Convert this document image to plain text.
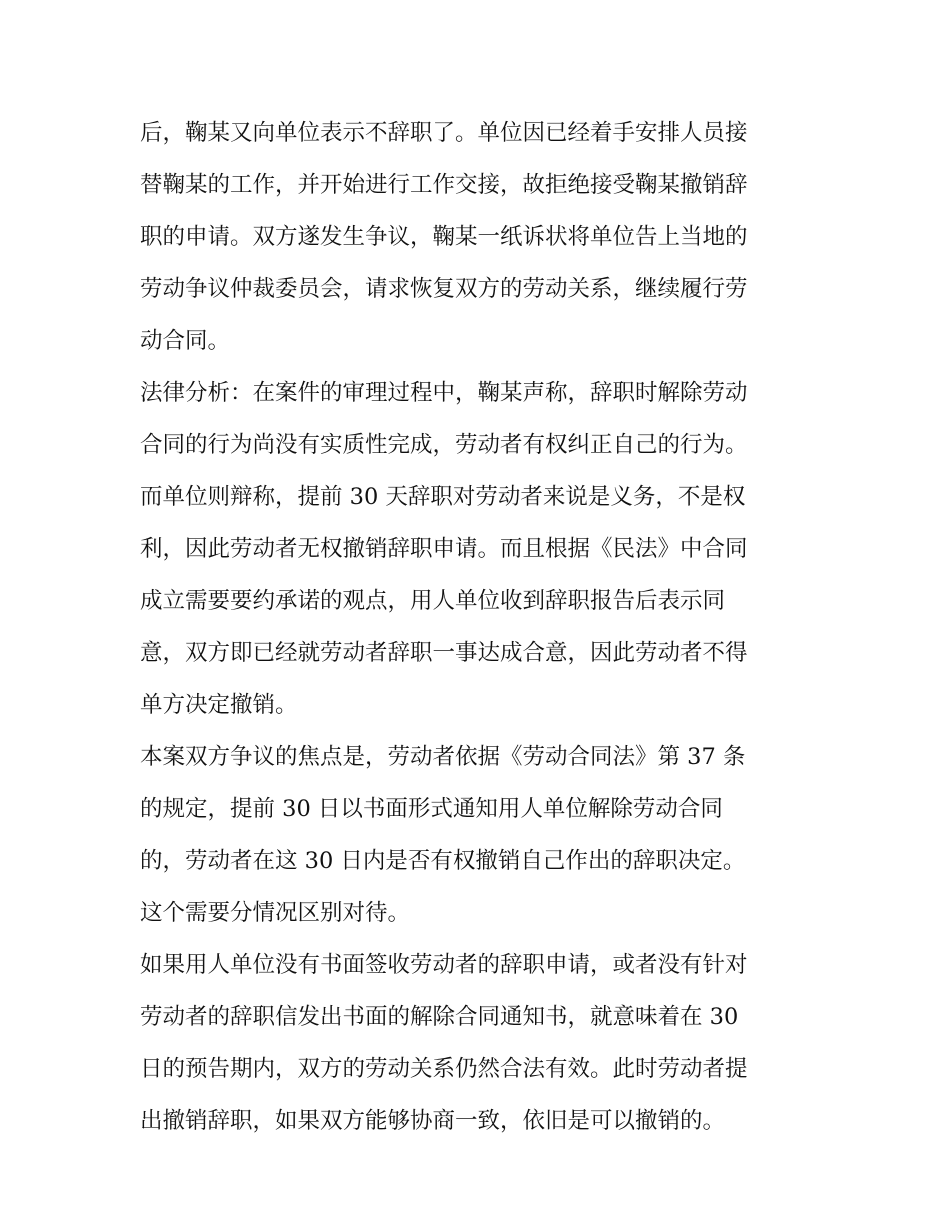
后，鞠某又向单位表示不辞职了。单位因已经着手安排人员接
替鞠某的工作，并开始进行工作交接，故拒绝接受鞠某撤销辞
职的申请。双方遂发生争议，鞠某一纸诉状将单位告上当地的
劳动争议仲裁委员会，请求恢复双方的劳动关系，继续履行劳
动合同。
法律分析：在案件的审理过程中，鞠某声称，辞职时解除劳动
合同的行为尚没有实质性完成，劳动者有权纠正自己的行为。
而单位则辩称，提前 30 天辞职对劳动者来说是义务，不是权
利，因此劳动者无权撤销辞职申请。而且根据《民法》中合同
成立需要要约承诺的观点，用人单位收到辞职报告后表示同
意，双方即已经就劳动者辞职一事达成合意，因此劳动者不得
单方决定撤销。
本案双方争议的焦点是，劳动者依据《劳动合同法》第 37 条
的规定，提前 30 日以书面形式通知用人单位解除劳动合同
的，劳动者在这 30 日内是否有权撤销自己作出的辞职决定。
这个需要分情况区别对待。
如果用人单位没有书面签收劳动者的辞职申请，或者没有针对
劳动者的辞职信发出书面的解除合同通知书，就意味着在 30
日的预告期内，双方的劳动关系仍然合法有效。此时劳动者提
出撤销辞职，如果双方能够协商一致，依旧是可以撤销的。
